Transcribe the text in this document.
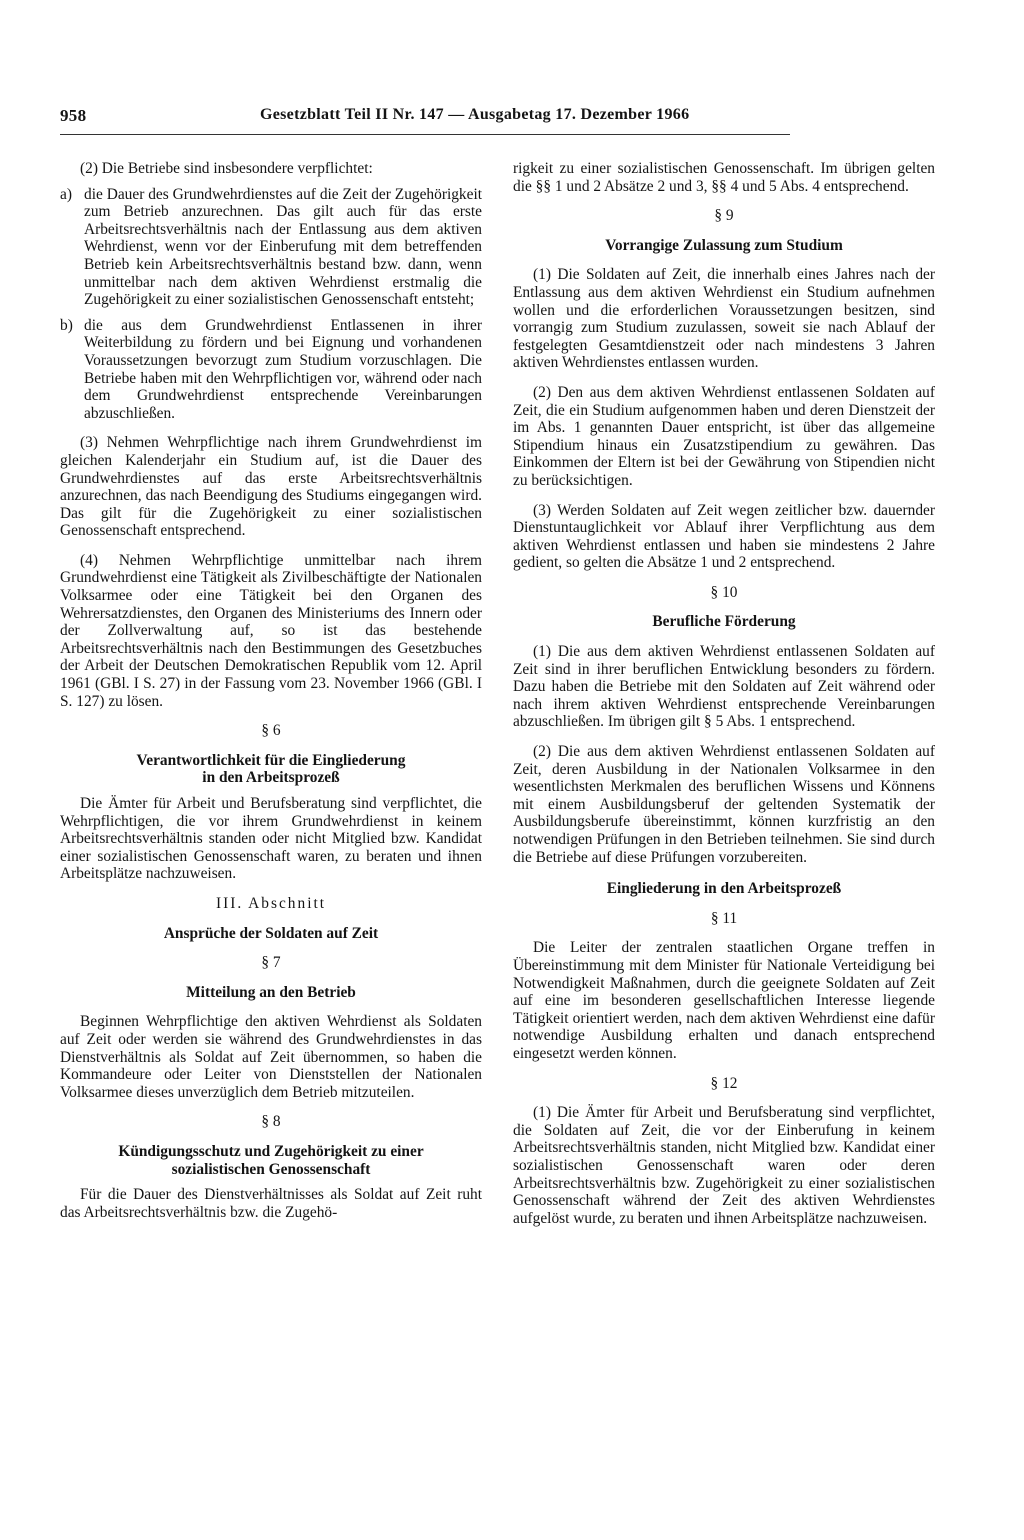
958	Gesetzblatt Teil II Nr. 147 — Ausgabetag 17. Dezember 1966

(2) Die Betriebe sind insbesondere verpflichtet:

a) die Dauer des Grundwehrdienstes auf die Zeit der Zugehörigkeit zum Betrieb anzurechnen. Das gilt auch für das erste Arbeitsrechtsverhältnis nach der Entlassung aus dem aktiven Wehrdienst, wenn vor der Einberufung mit dem betreffenden Betrieb kein Arbeitsrechtsverhältnis bestand bzw. dann, wenn unmittelbar nach dem aktiven Wehrdienst erstmalig die Zugehörigkeit zu einer sozialistischen Genossenschaft entsteht;
b) die aus dem Grundwehrdienst Entlassenen in ihrer Weiterbildung zu fördern und bei Eignung und vorhandenen Voraussetzungen bevorzugt zum Studium vorzuschlagen. Die Betriebe haben mit den Wehrpflichtigen vor, während oder nach dem Grundwehrdienst entsprechende Vereinbarungen abzuschließen.

(3) Nehmen Wehrpflichtige nach ihrem Grundwehrdienst im gleichen Kalenderjahr ein Studium auf, ist die Dauer des Grundwehrdienstes auf das erste Arbeitsrechtsverhältnis anzurechnen, das nach Beendigung des Studiums eingegangen wird. Das gilt für die Zugehörigkeit zu einer sozialistischen Genossenschaft entsprechend.

(4) Nehmen Wehrpflichtige unmittelbar nach ihrem Grundwehrdienst eine Tätigkeit als Zivilbeschäftigte der Nationalen Volksarmee oder eine Tätigkeit bei den Organen des Wehrersatzdienstes, den Organen des Ministeriums des Innern oder der Zollverwaltung auf, so ist das bestehende Arbeitsrechtsverhältnis nach den Bestimmungen des Gesetzbuches der Arbeit der Deutschen Demokratischen Republik vom 12. April 1961 (GBl. I S. 27) in der Fassung vom 23. November 1966 (GBl. I S. 127) zu lösen.

§ 6

Verantwortlichkeit für die Eingliederung
in den Arbeitsprozeß

Die Ämter für Arbeit und Berufsberatung sind verpflichtet, die Wehrpflichtigen, die vor ihrem Grundwehrdienst in keinem Arbeitsrechtsverhältnis standen oder nicht Mitglied bzw. Kandidat einer sozialistischen Genossenschaft waren, zu beraten und ihnen Arbeitsplätze nachzuweisen.

III. Abschnitt

Ansprüche der Soldaten auf Zeit

§ 7

Mitteilung an den Betrieb

Beginnen Wehrpflichtige den aktiven Wehrdienst als Soldaten auf Zeit oder werden sie während des Grundwehrdienstes in das Dienstverhältnis als Soldat auf Zeit übernommen, so haben die Kommandeure oder Leiter von Dienststellen der Nationalen Volksarmee dieses unverzüglich dem Betrieb mitzuteilen.

§ 8

Kündigungsschutz und Zugehörigkeit zu einer
sozialistischen Genossenschaft

Für die Dauer des Dienstverhältnisses als Soldat auf Zeit ruht das Arbeitsrechtsverhältnis bzw. die Zugehö-

rigkeit zu einer sozialistischen Genossenschaft. Im übrigen gelten die §§ 1 und 2 Absätze 2 und 3, §§ 4 und 5 Abs. 4 entsprechend.

§ 9

Vorrangige Zulassung zum Studium

(1) Die Soldaten auf Zeit, die innerhalb eines Jahres nach der Entlassung aus dem aktiven Wehrdienst ein Studium aufnehmen wollen und die erforderlichen Voraussetzungen besitzen, sind vorrangig zum Studium zuzulassen, soweit sie nach Ablauf der festgelegten Gesamtdienstzeit oder nach mindestens 3 Jahren aktiven Wehrdienstes entlassen wurden.

(2) Den aus dem aktiven Wehrdienst entlassenen Soldaten auf Zeit, die ein Studium aufgenommen haben und deren Dienstzeit der im Abs. 1 genannten Dauer entspricht, ist über das allgemeine Stipendium hinaus ein Zusatzstipendium zu gewähren. Das Einkommen der Eltern ist bei der Gewährung von Stipendien nicht zu berücksichtigen.

(3) Werden Soldaten auf Zeit wegen zeitlicher bzw. dauernder Dienstuntauglichkeit vor Ablauf ihrer Verpflichtung aus dem aktiven Wehrdienst entlassen und haben sie mindestens 2 Jahre gedient, so gelten die Absätze 1 und 2 entsprechend.

§ 10

Berufliche Förderung

(1) Die aus dem aktiven Wehrdienst entlassenen Soldaten auf Zeit sind in ihrer beruflichen Entwicklung besonders zu fördern. Dazu haben die Betriebe mit den Soldaten auf Zeit während oder nach ihrem aktiven Wehrdienst entsprechende Vereinbarungen abzuschließen. Im übrigen gilt § 5 Abs. 1 entsprechend.

(2) Die aus dem aktiven Wehrdienst entlassenen Soldaten auf Zeit, deren Ausbildung in der Nationalen Volksarmee in den wesentlichsten Merkmalen des beruflichen Wissens und Könnens mit einem Ausbildungsberuf der geltenden Systematik der Ausbildungsberufe übereinstimmt, können kurzfristig an den notwendigen Prüfungen in den Betrieben teilnehmen. Sie sind durch die Betriebe auf diese Prüfungen vorzubereiten.

Eingliederung in den Arbeitsprozeß

§ 11

Die Leiter der zentralen staatlichen Organe treffen in Übereinstimmung mit dem Minister für Nationale Verteidigung bei Notwendigkeit Maßnahmen, durch die geeignete Soldaten auf Zeit auf eine im besonderen gesellschaftlichen Interesse liegende Tätigkeit orientiert werden, nach dem aktiven Wehrdienst eine dafür notwendige Ausbildung erhalten und danach entsprechend eingesetzt werden können.

§ 12

(1) Die Ämter für Arbeit und Berufsberatung sind verpflichtet, die Soldaten auf Zeit, die vor der Einberufung in keinem Arbeitsrechtsverhältnis standen, nicht Mitglied bzw. Kandidat einer sozialistischen Genossenschaft waren oder deren Arbeitsrechtsverhältnis bzw. Zugehörigkeit zu einer sozialistischen Genossenschaft während der Zeit des aktiven Wehrdienstes aufgelöst wurde, zu beraten und ihnen Arbeitsplätze nachzuweisen.
